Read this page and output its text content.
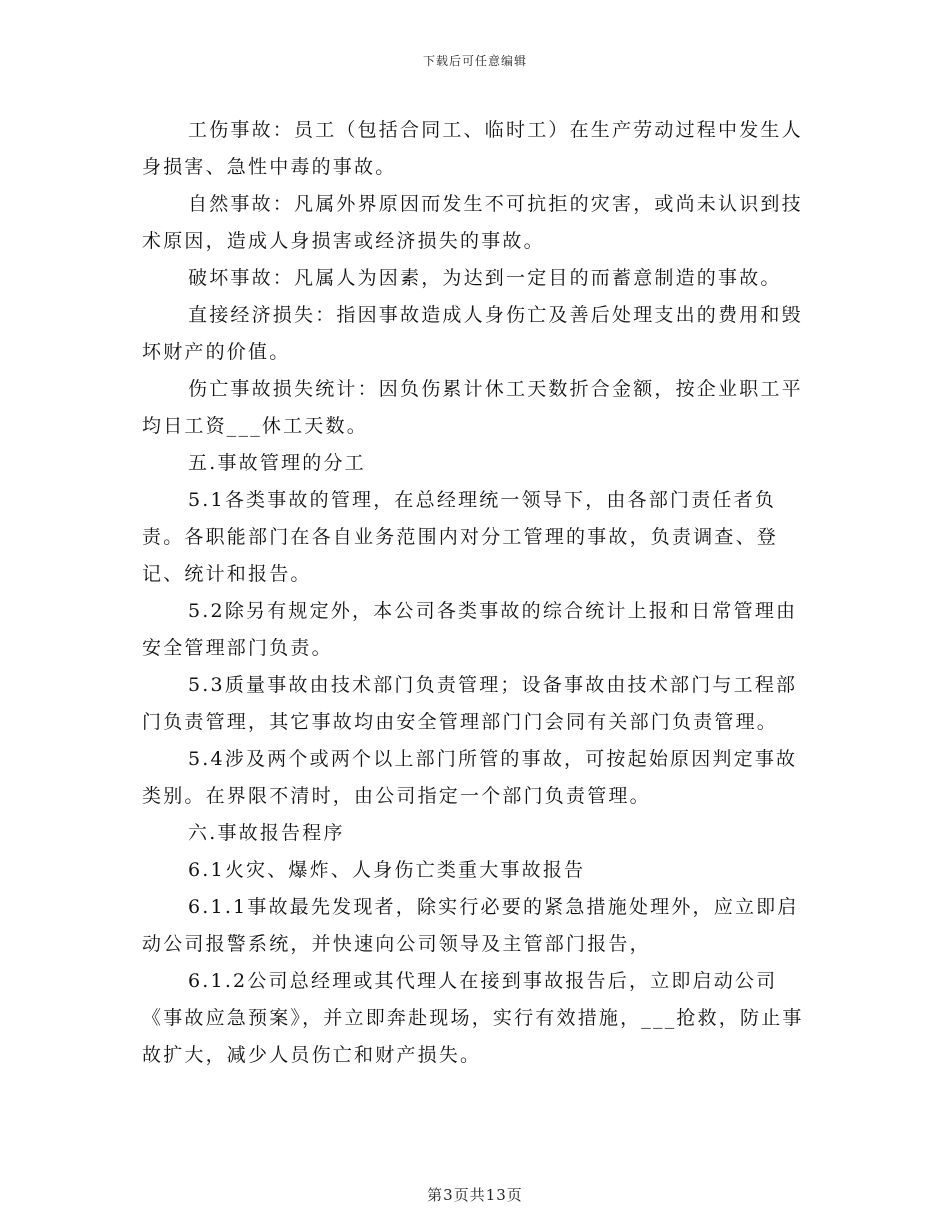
下载后可任意编辑

工伤事故：员工（包括合同工、临时工）在生产劳动过程中发生人身损害、急性中毒的事故。

自然事故：凡属外界原因而发生不可抗拒的灾害，或尚未认识到技术原因，造成人身损害或经济损失的事故。

破坏事故：凡属人为因素，为达到一定目的而蓄意制造的事故。

直接经济损失：指因事故造成人身伤亡及善后处理支出的费用和毁坏财产的价值。

伤亡事故损失统计：因负伤累计休工天数折合金额，按企业职工平均日工资___休工天数。

五.事故管理的分工

5.1各类事故的管理，在总经理统一领导下，由各部门责任者负责。各职能部门在各自业务范围内对分工管理的事故，负责调查、登记、统计和报告。

5.2除另有规定外，本公司各类事故的综合统计上报和日常管理由安全管理部门负责。

5.3质量事故由技术部门负责管理；设备事故由技术部门与工程部门负责管理，其它事故均由安全管理部门门会同有关部门负责管理。

5.4涉及两个或两个以上部门所管的事故，可按起始原因判定事故类别。在界限不清时，由公司指定一个部门负责管理。

六.事故报告程序

6.1火灾、爆炸、人身伤亡类重大事故报告

6.1.1事故最先发现者，除实行必要的紧急措施处理外，应立即启动公司报警系统，并快速向公司领导及主管部门报告，

6.1.2公司总经理或其代理人在接到事故报告后，立即启动公司《事故应急预案》，并立即奔赴现场，实行有效措施，___抢救，防止事故扩大，减少人员伤亡和财产损失。

第3页共13页
